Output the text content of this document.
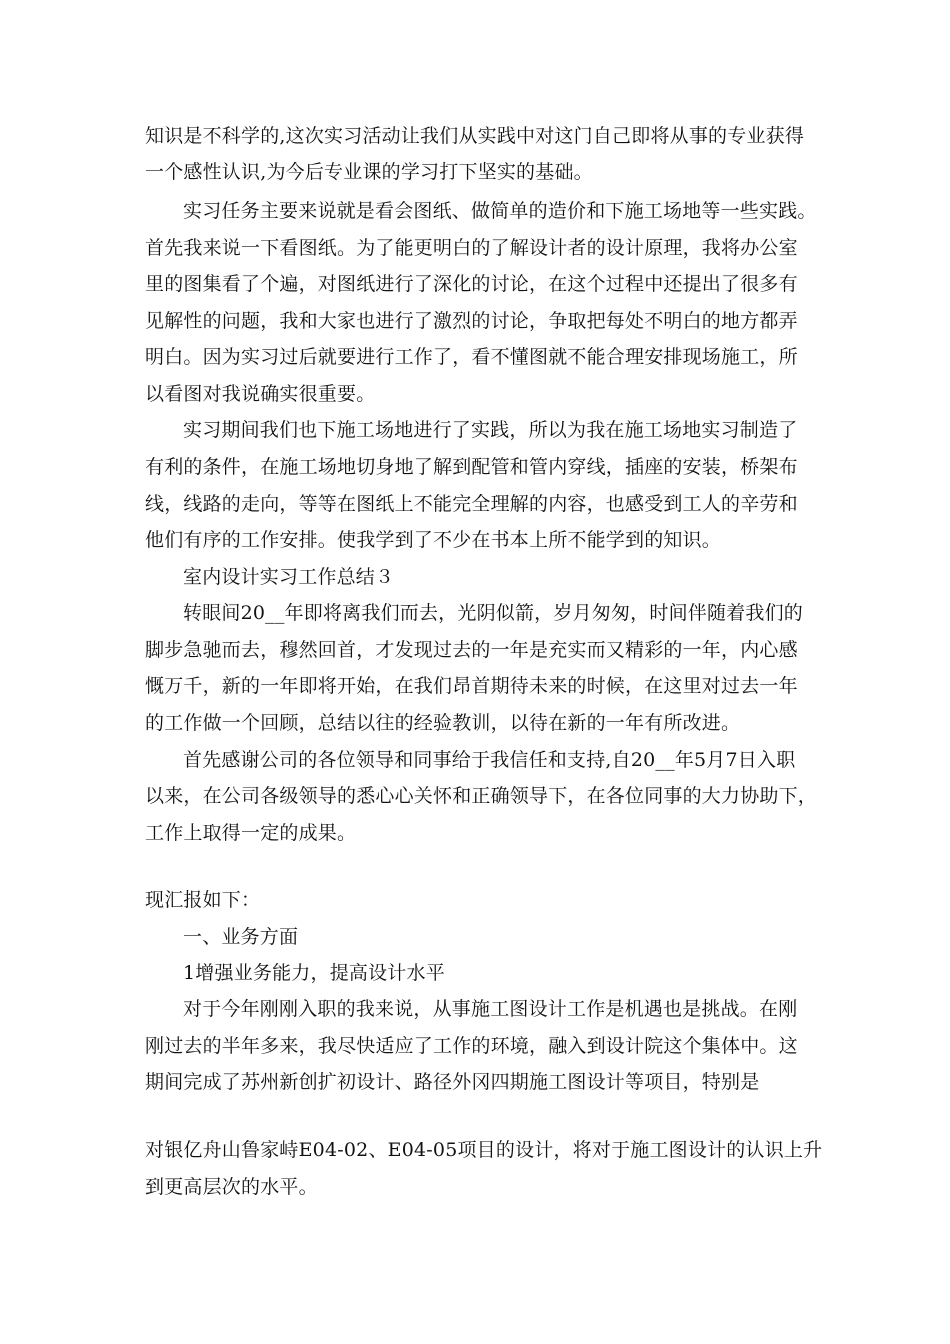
知识是不科学的,这次实习活动让我们从实践中对这门自己即将从事的专业获得
一个感性认识,为今后专业课的学习打下坚实的基础。
实习任务主要来说就是看会图纸、做简单的造价和下施工场地等一些实践。
首先我来说一下看图纸。为了能更明白的了解设计者的设计原理，我将办公室
里的图集看了个遍，对图纸进行了深化的讨论，在这个过程中还提出了很多有
见解性的问题，我和大家也进行了激烈的讨论，争取把每处不明白的地方都弄
明白。因为实习过后就要进行工作了，看不懂图就不能合理安排现场施工，所
以看图对我说确实很重要。
实习期间我们也下施工场地进行了实践，所以为我在施工场地实习制造了
有利的条件，在施工场地切身地了解到配管和管内穿线，插座的安装，桥架布
线，线路的走向，等等在图纸上不能完全理解的内容，也感受到工人的辛劳和
他们有序的工作安排。使我学到了不少在书本上所不能学到的知识。
室内设计实习工作总结３
转眼间20__年即将离我们而去，光阴似箭，岁月匆匆，时间伴随着我们的
脚步急驰而去，穆然回首，才发现过去的一年是充实而又精彩的一年，内心感
慨万千，新的一年即将开始，在我们昂首期待未来的时候，在这里对过去一年
的工作做一个回顾，总结以往的经验教训，以待在新的一年有所改进。
首先感谢公司的各位领导和同事给于我信任和支持,自20__年5月7日入职
以来，在公司各级领导的悉心心关怀和正确领导下，在各位同事的大力协助下，
工作上取得一定的成果。
现汇报如下：
一、业务方面
1增强业务能力，提高设计水平
对于今年刚刚入职的我来说，从事施工图设计工作是机遇也是挑战。在刚
刚过去的半年多来，我尽快适应了工作的环境，融入到设计院这个集体中。这
期间完成了苏州新创扩初设计、路径外冈四期施工图设计等项目，特别是
对银亿舟山鲁家峙E04-02、E04-05项目的设计，将对于施工图设计的认识上升
到更高层次的水平。
